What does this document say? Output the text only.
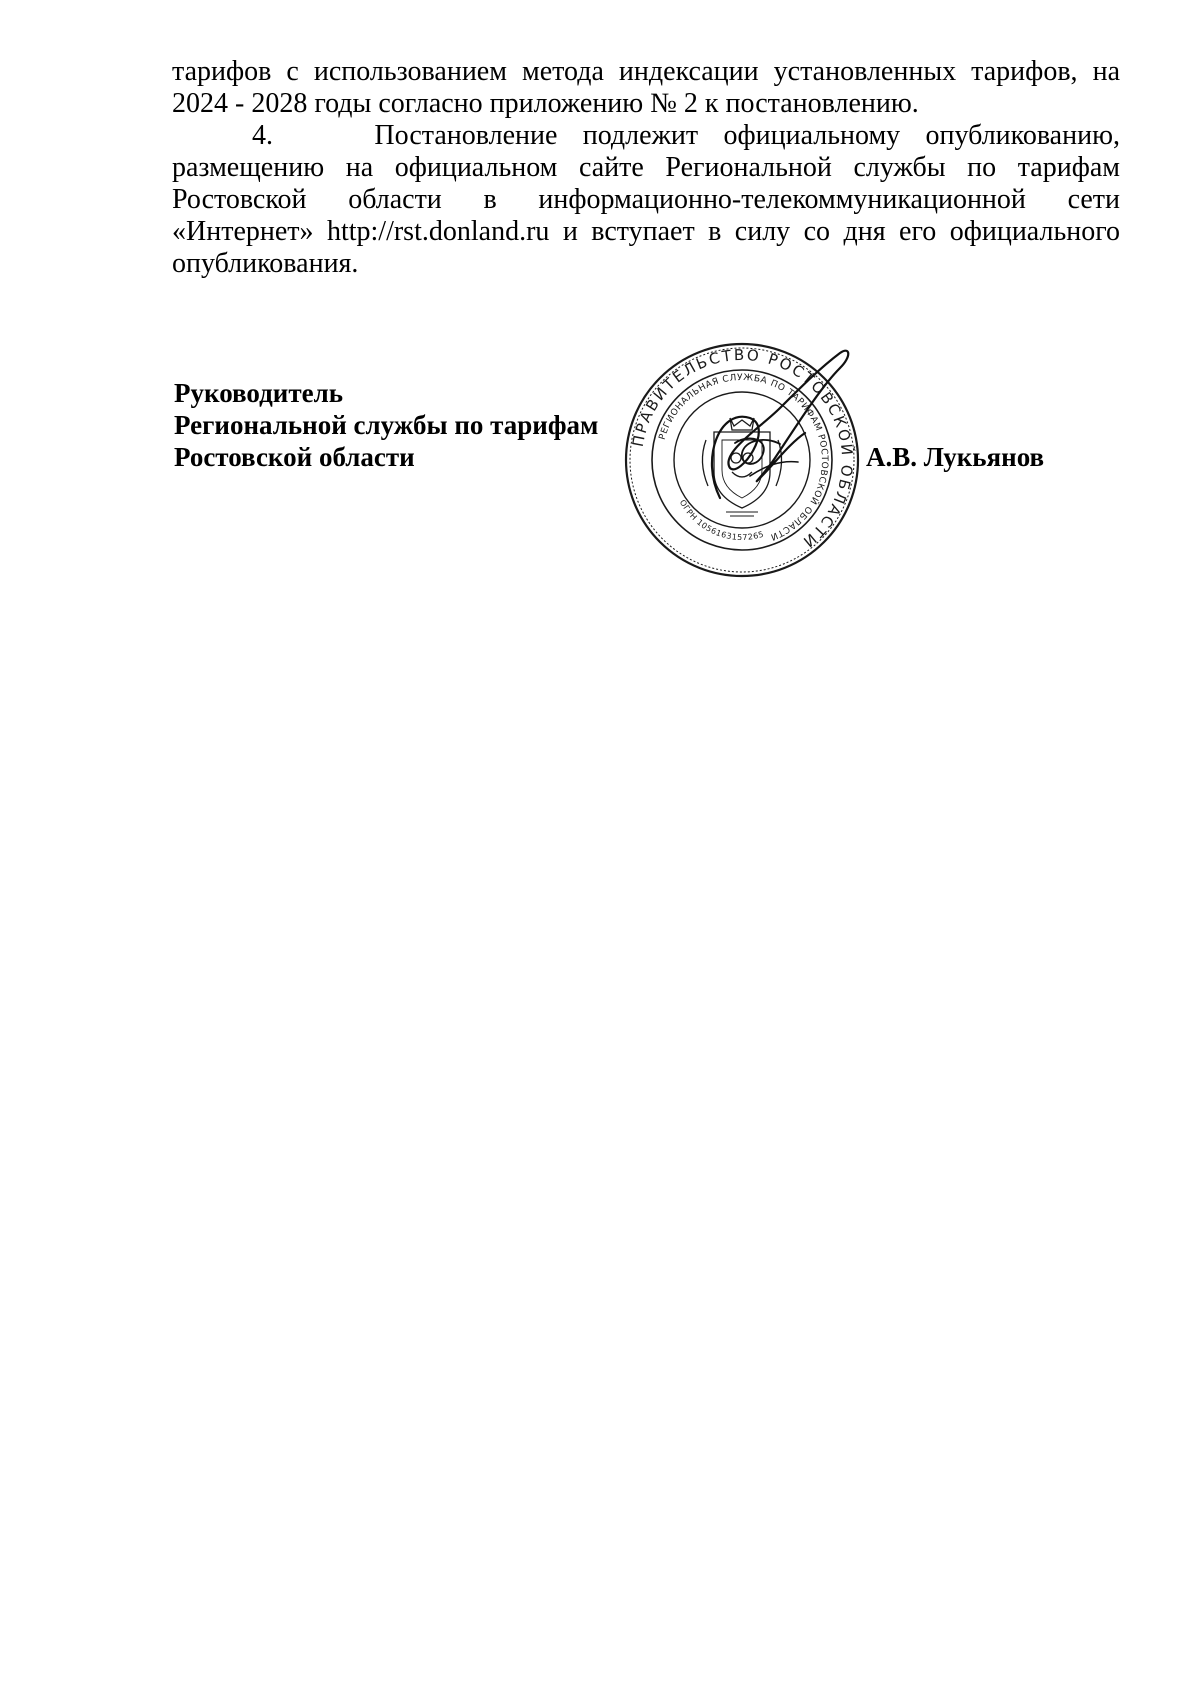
тарифов с использованием метода индексации установленных тарифов, на 2024 - 2028 годы согласно приложению № 2 к постановлению.

4.    Постановление подлежит официальному опубликованию, размещению на официальном сайте Региональной службы по тарифам Ростовской области в информационно-телекоммуникационной сети «Интернет» http://rst.donland.ru и вступает в силу со дня его официального опубликования.

Руководитель
Региональной службы по тарифам
Ростовской области
ПРАВИТЕЛЬСТВО РОСТОВСКОЙ ОБЛАСТИ
РЕГИОНАЛЬНАЯ СЛУЖБА ПО ТАРИФАМ РОСТОВСКОЙ ОБЛАСТИ
ОГРН 1056163157265
А.В. Лукьянов
